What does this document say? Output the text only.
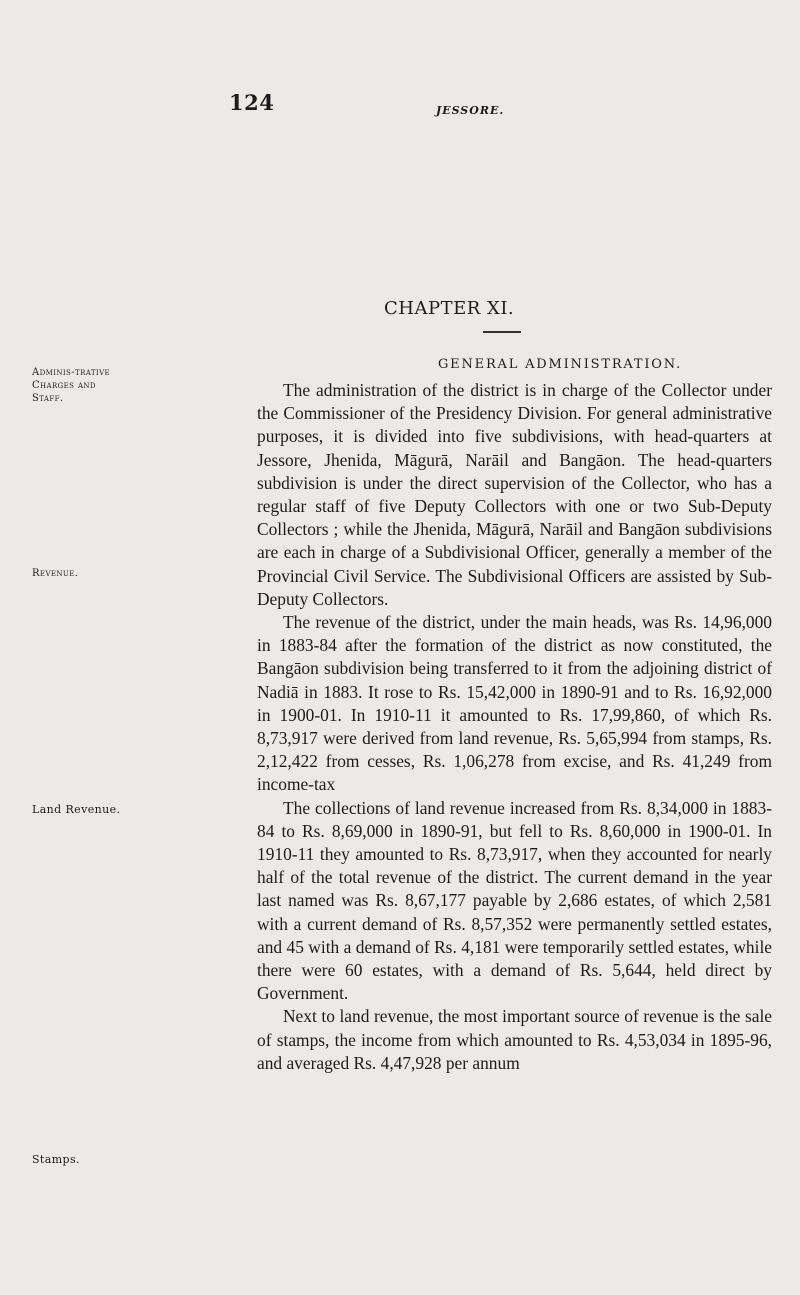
124	JESSORE.
CHAPTER XI.
GENERAL ADMINISTRATION.
Adminis-trative Charges and Staff.
Revenue.
Land Revenue.
Stamps.

The administration of the district is in charge of the Collector under the Commissioner of the Presidency Division. For general administrative purposes, it is divided into five subdivisions, with head-quarters at Jessore, Jhenida, Māgurā, Narāil and Bangāon. The head-quarters subdivision is under the direct supervision of the Collector, who has a regular staff of five Deputy Collectors with one or two Sub-Deputy Collectors ; while the Jhenida, Māgurā, Narāil and Bangāon subdivisions are each in charge of a Subdivisional Officer, generally a member of the Provincial Civil Service. The Subdivisional Officers are assisted by Sub-Deputy Collectors.

The revenue of the district, under the main heads, was Rs. 14,96,000 in 1883-84 after the formation of the district as now constituted, the Bangāon subdivision being transferred to it from the adjoining district of Nadiā in 1883. It rose to Rs. 15,42,000 in 1890-91 and to Rs. 16,92,000 in 1900-01. In 1910-11 it amounted to Rs. 17,99,860, of which Rs. 8,73,917 were derived from land revenue, Rs. 5,65,994 from stamps, Rs. 2,12,422 from cesses, Rs. 1,06,278 from excise, and Rs. 41,249 from income-tax

The collections of land revenue increased from Rs. 8,34,000 in 1883-84 to Rs. 8,69,000 in 1890-91, but fell to Rs. 8,60,000 in 1900-01. In 1910-11 they amounted to Rs. 8,73,917, when they accounted for nearly half of the total revenue of the district. The current demand in the year last named was Rs. 8,67,177 payable by 2,686 estates, of which 2,581 with a current demand of Rs. 8,57,352 were permanently settled estates, and 45 with a demand of Rs. 4,181 were temporarily settled estates, while there were 60 estates, with a demand of Rs. 5,644, held direct by Government.

Next to land revenue, the most important source of revenue is the sale of stamps, the income from which amounted to Rs. 4,53,034 in 1895-96, and averaged Rs. 4,47,928 per annum
